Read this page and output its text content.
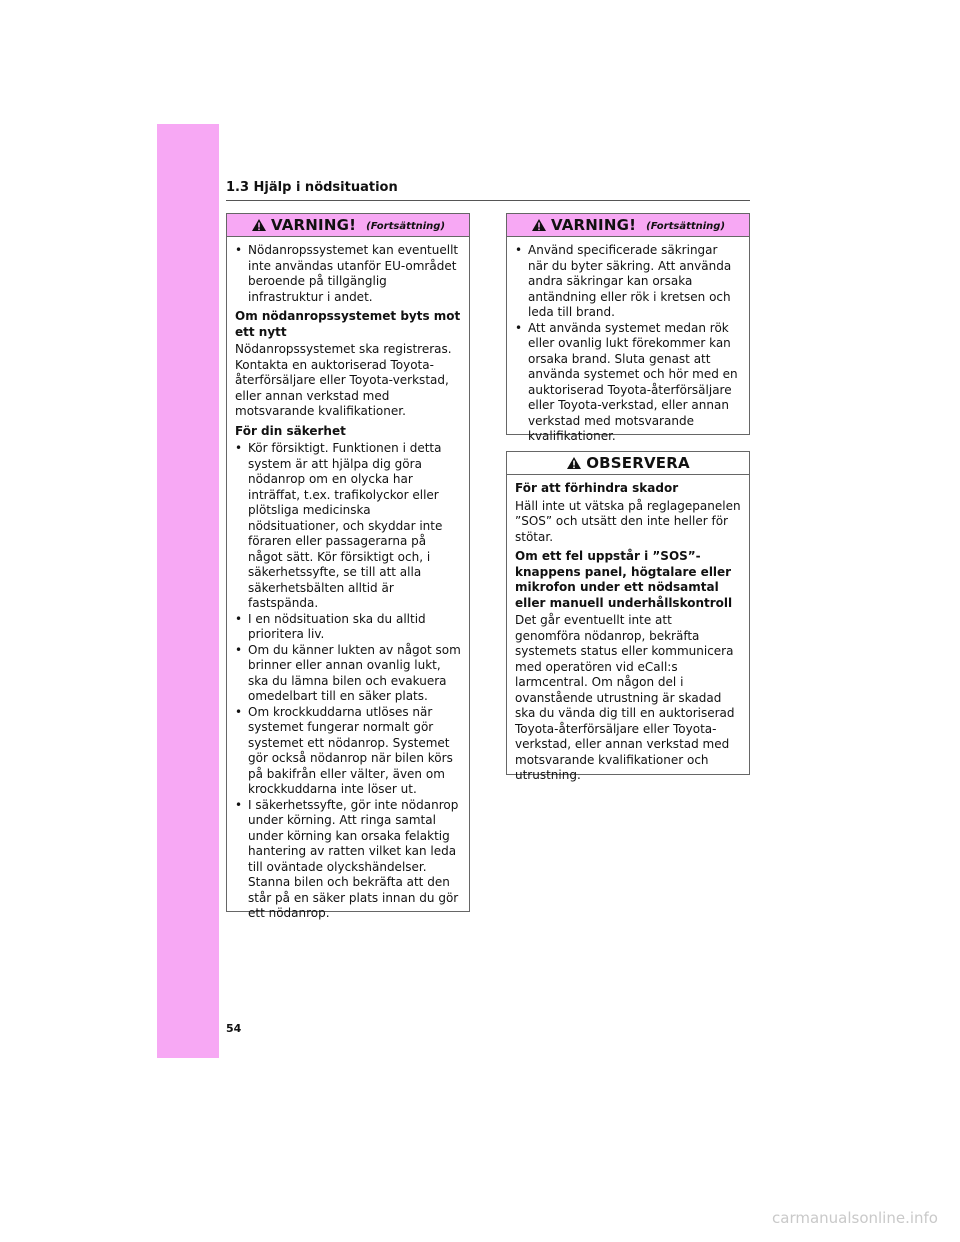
1.3 Hjälp i nödsituation
VARNING! (Fortsättning)
• Nödanropssystemet kan eventuellt inte användas utanför EU-området beroende på tillgänglig infrastruktur i andet.

Om nödanropssystemet byts mot ett nytt

Nödanropssystemet ska registreras. Kontakta en auktoriserad Toyota-återförsäljare eller Toyota-verkstad, eller annan verkstad med motsvarande kvalifikationer.

För din säkerhet

• Kör försiktigt. Funktionen i detta system är att hjälpa dig göra nödanrop om en olycka har inträffat, t.ex. trafikolyckor eller plötsliga medicinska nödsituationer, och skyddar inte föraren eller passagerarna på något sätt. Kör försiktigt och, i säkerhetssyfte, se till att alla säkerhetsbälten alltid är fastspända.
• I en nödsituation ska du alltid prioritera liv.
• Om du känner lukten av något som brinner eller annan ovanlig lukt, ska du lämna bilen och evakuera omedelbart till en säker plats.
• Om krockkuddarna utlöses när systemet fungerar normalt gör systemet ett nödanrop. Systemet gör också nödanrop när bilen körs på bakifrån eller välter, även om krockkuddarna inte löser ut.
• I säkerhetssyfte, gör inte nödanrop under körning. Att ringa samtal under körning kan orsaka felaktig hantering av ratten vilket kan leda till oväntade olyckshändelser. Stanna bilen och bekräfta att den står på en säker plats innan du gör ett nödanrop.
VARNING! (Fortsättning)
• Använd specificerade säkringar när du byter säkring. Att använda andra säkringar kan orsaka antändning eller rök i kretsen och leda till brand.
• Att använda systemet medan rök eller ovanlig lukt förekommer kan orsaka brand. Sluta genast att använda systemet och hör med en auktoriserad Toyota-återförsäljare eller Toyota-verkstad, eller annan verkstad med motsvarande kvalifikationer.
OBSERVERA

För att förhindra skador

Häll inte ut vätska på reglagepanelen ”SOS” och utsätt den inte heller för stötar.

Om ett fel uppstår i ”SOS”-knappens panel, högtalare eller mikrofon under ett nödsamtal eller manuell underhållskontroll

Det går eventuellt inte att genomföra nödanrop, bekräfta systemets status eller kommunicera med operatören vid eCall:s larmcentral. Om någon del i ovanstående utrustning är skadad ska du vända dig till en auktoriserad Toyota-återförsäljare eller Toyota-verkstad, eller annan verkstad med motsvarande kvalifikationer och utrustning.

54
carmanualsonline.info
